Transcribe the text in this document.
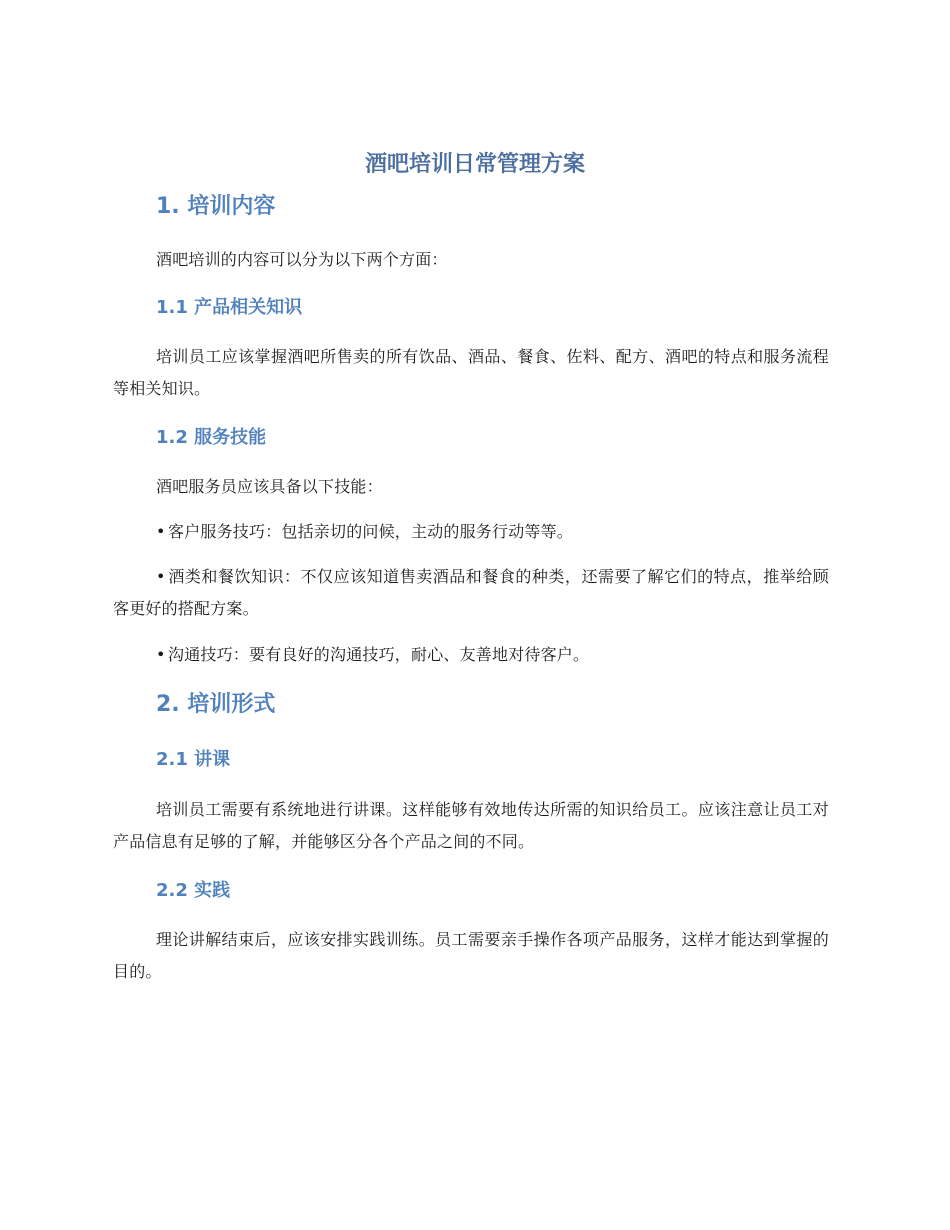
酒吧培训日常管理方案
1. 培训内容
酒吧培训的内容可以分为以下两个方面：
1.1 产品相关知识
培训员工应该掌握酒吧所售卖的所有饮品、酒品、餐食、佐料、配方、酒吧的特点和服务流程等相关知识。
1.2 服务技能
酒吧服务员应该具备以下技能：
• 客户服务技巧：包括亲切的问候，主动的服务行动等等。
• 酒类和餐饮知识：不仅应该知道售卖酒品和餐食的种类，还需要了解它们的特点，推举给顾客更好的搭配方案。
• 沟通技巧：要有良好的沟通技巧，耐心、友善地对待客户。
2. 培训形式
2.1 讲课
培训员工需要有系统地进行讲课。这样能够有效地传达所需的知识给员工。应该注意让员工对产品信息有足够的了解，并能够区分各个产品之间的不同。
2.2 实践
理论讲解结束后，应该安排实践训练。员工需要亲手操作各项产品服务，这样才能达到掌握的目的。
